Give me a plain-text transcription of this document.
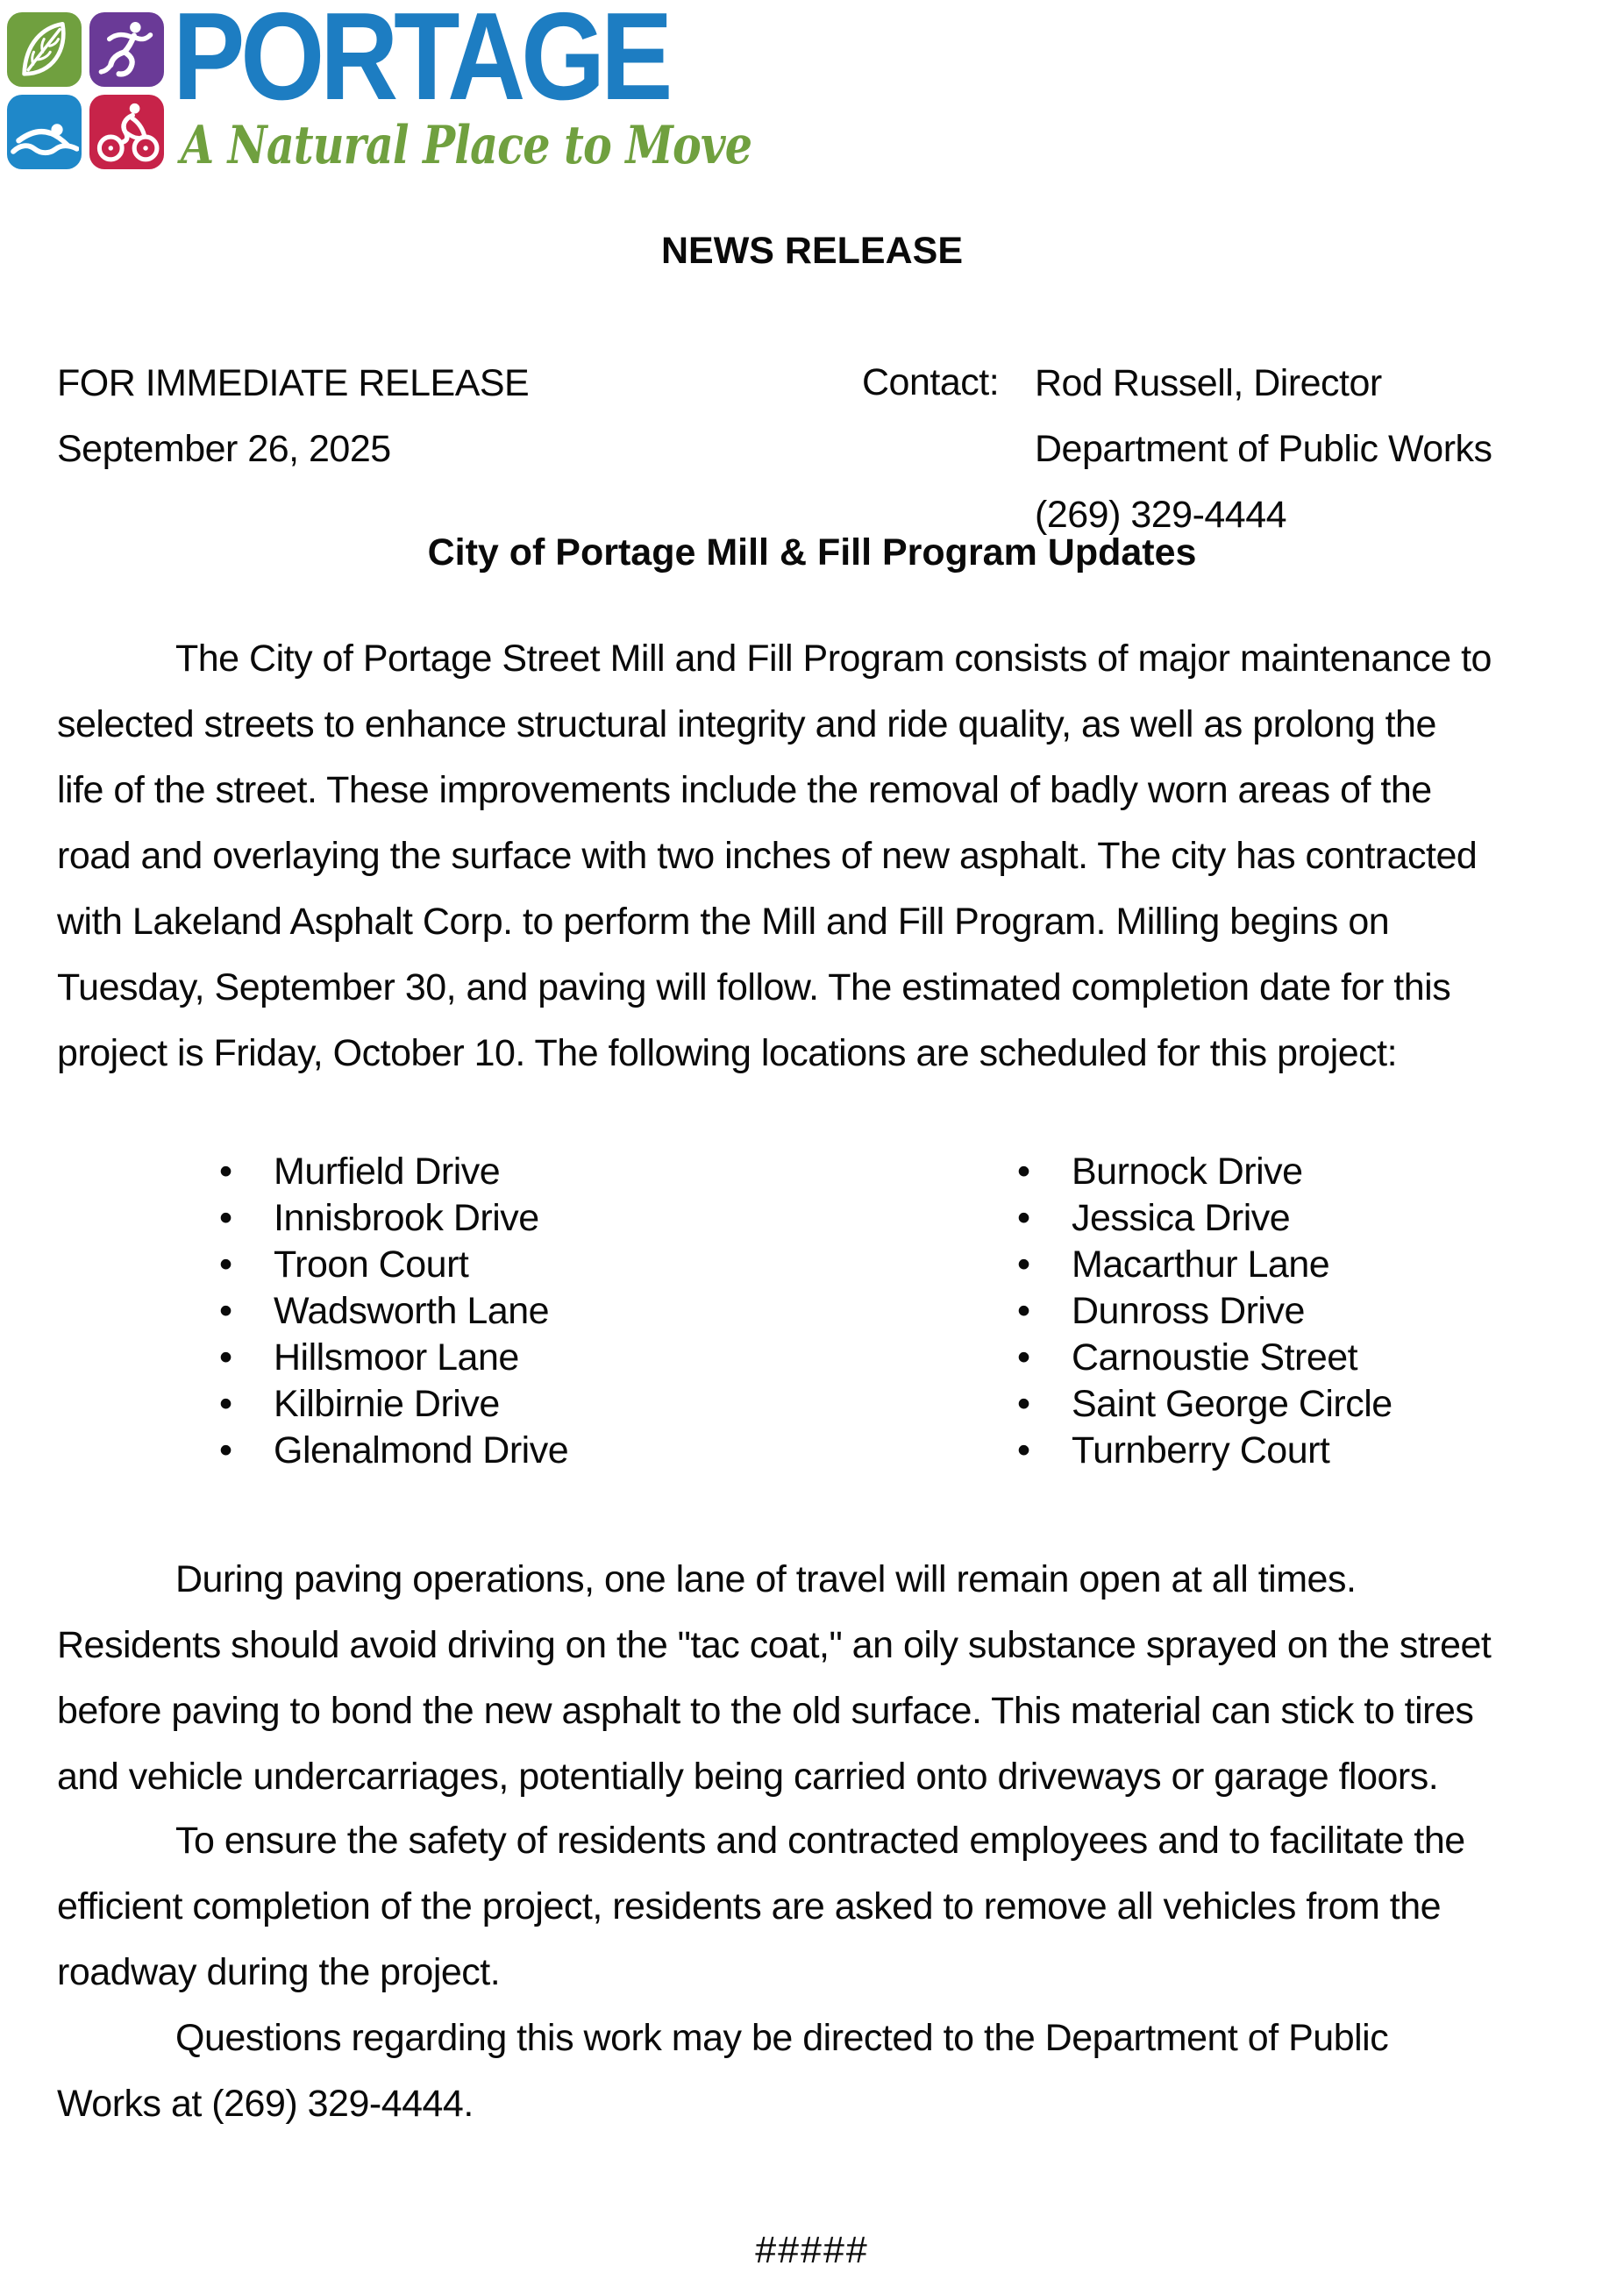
PORTAGE
A Natural Place to Move
NEWS RELEASE
FOR IMMEDIATE RELEASE
September 26, 2025
Contact: Rod Russell, Director
Department of Public Works
(269) 329-4444
City of Portage Mill & Fill Program Updates
The City of Portage Street Mill and Fill Program consists of major maintenance to
selected streets to enhance structural integrity and ride quality, as well as prolong the
life of the street. These improvements include the removal of badly worn areas of the
road and overlaying the surface with two inches of new asphalt. The city has contracted
with Lakeland Asphalt Corp. to perform the Mill and Fill Program. Milling begins on
Tuesday, September 30, and paving will follow. The estimated completion date for this
project is Friday, October 10. The following locations are scheduled for this project:
• Murfield Drive
• Innisbrook Drive
• Troon Court
• Wadsworth Lane
• Hillsmoor Lane
• Kilbirnie Drive
• Glenalmond Drive
• Burnock Drive
• Jessica Drive
• Macarthur Lane
• Dunross Drive
• Carnoustie Street
• Saint George Circle
• Turnberry Court
During paving operations, one lane of travel will remain open at all times.
Residents should avoid driving on the "tac coat," an oily substance sprayed on the street
before paving to bond the new asphalt to the old surface. This material can stick to tires
and vehicle undercarriages, potentially being carried onto driveways or garage floors.
To ensure the safety of residents and contracted employees and to facilitate the
efficient completion of the project, residents are asked to remove all vehicles from the
roadway during the project.
Questions regarding this work may be directed to the Department of Public
Works at (269) 329-4444.
#####
